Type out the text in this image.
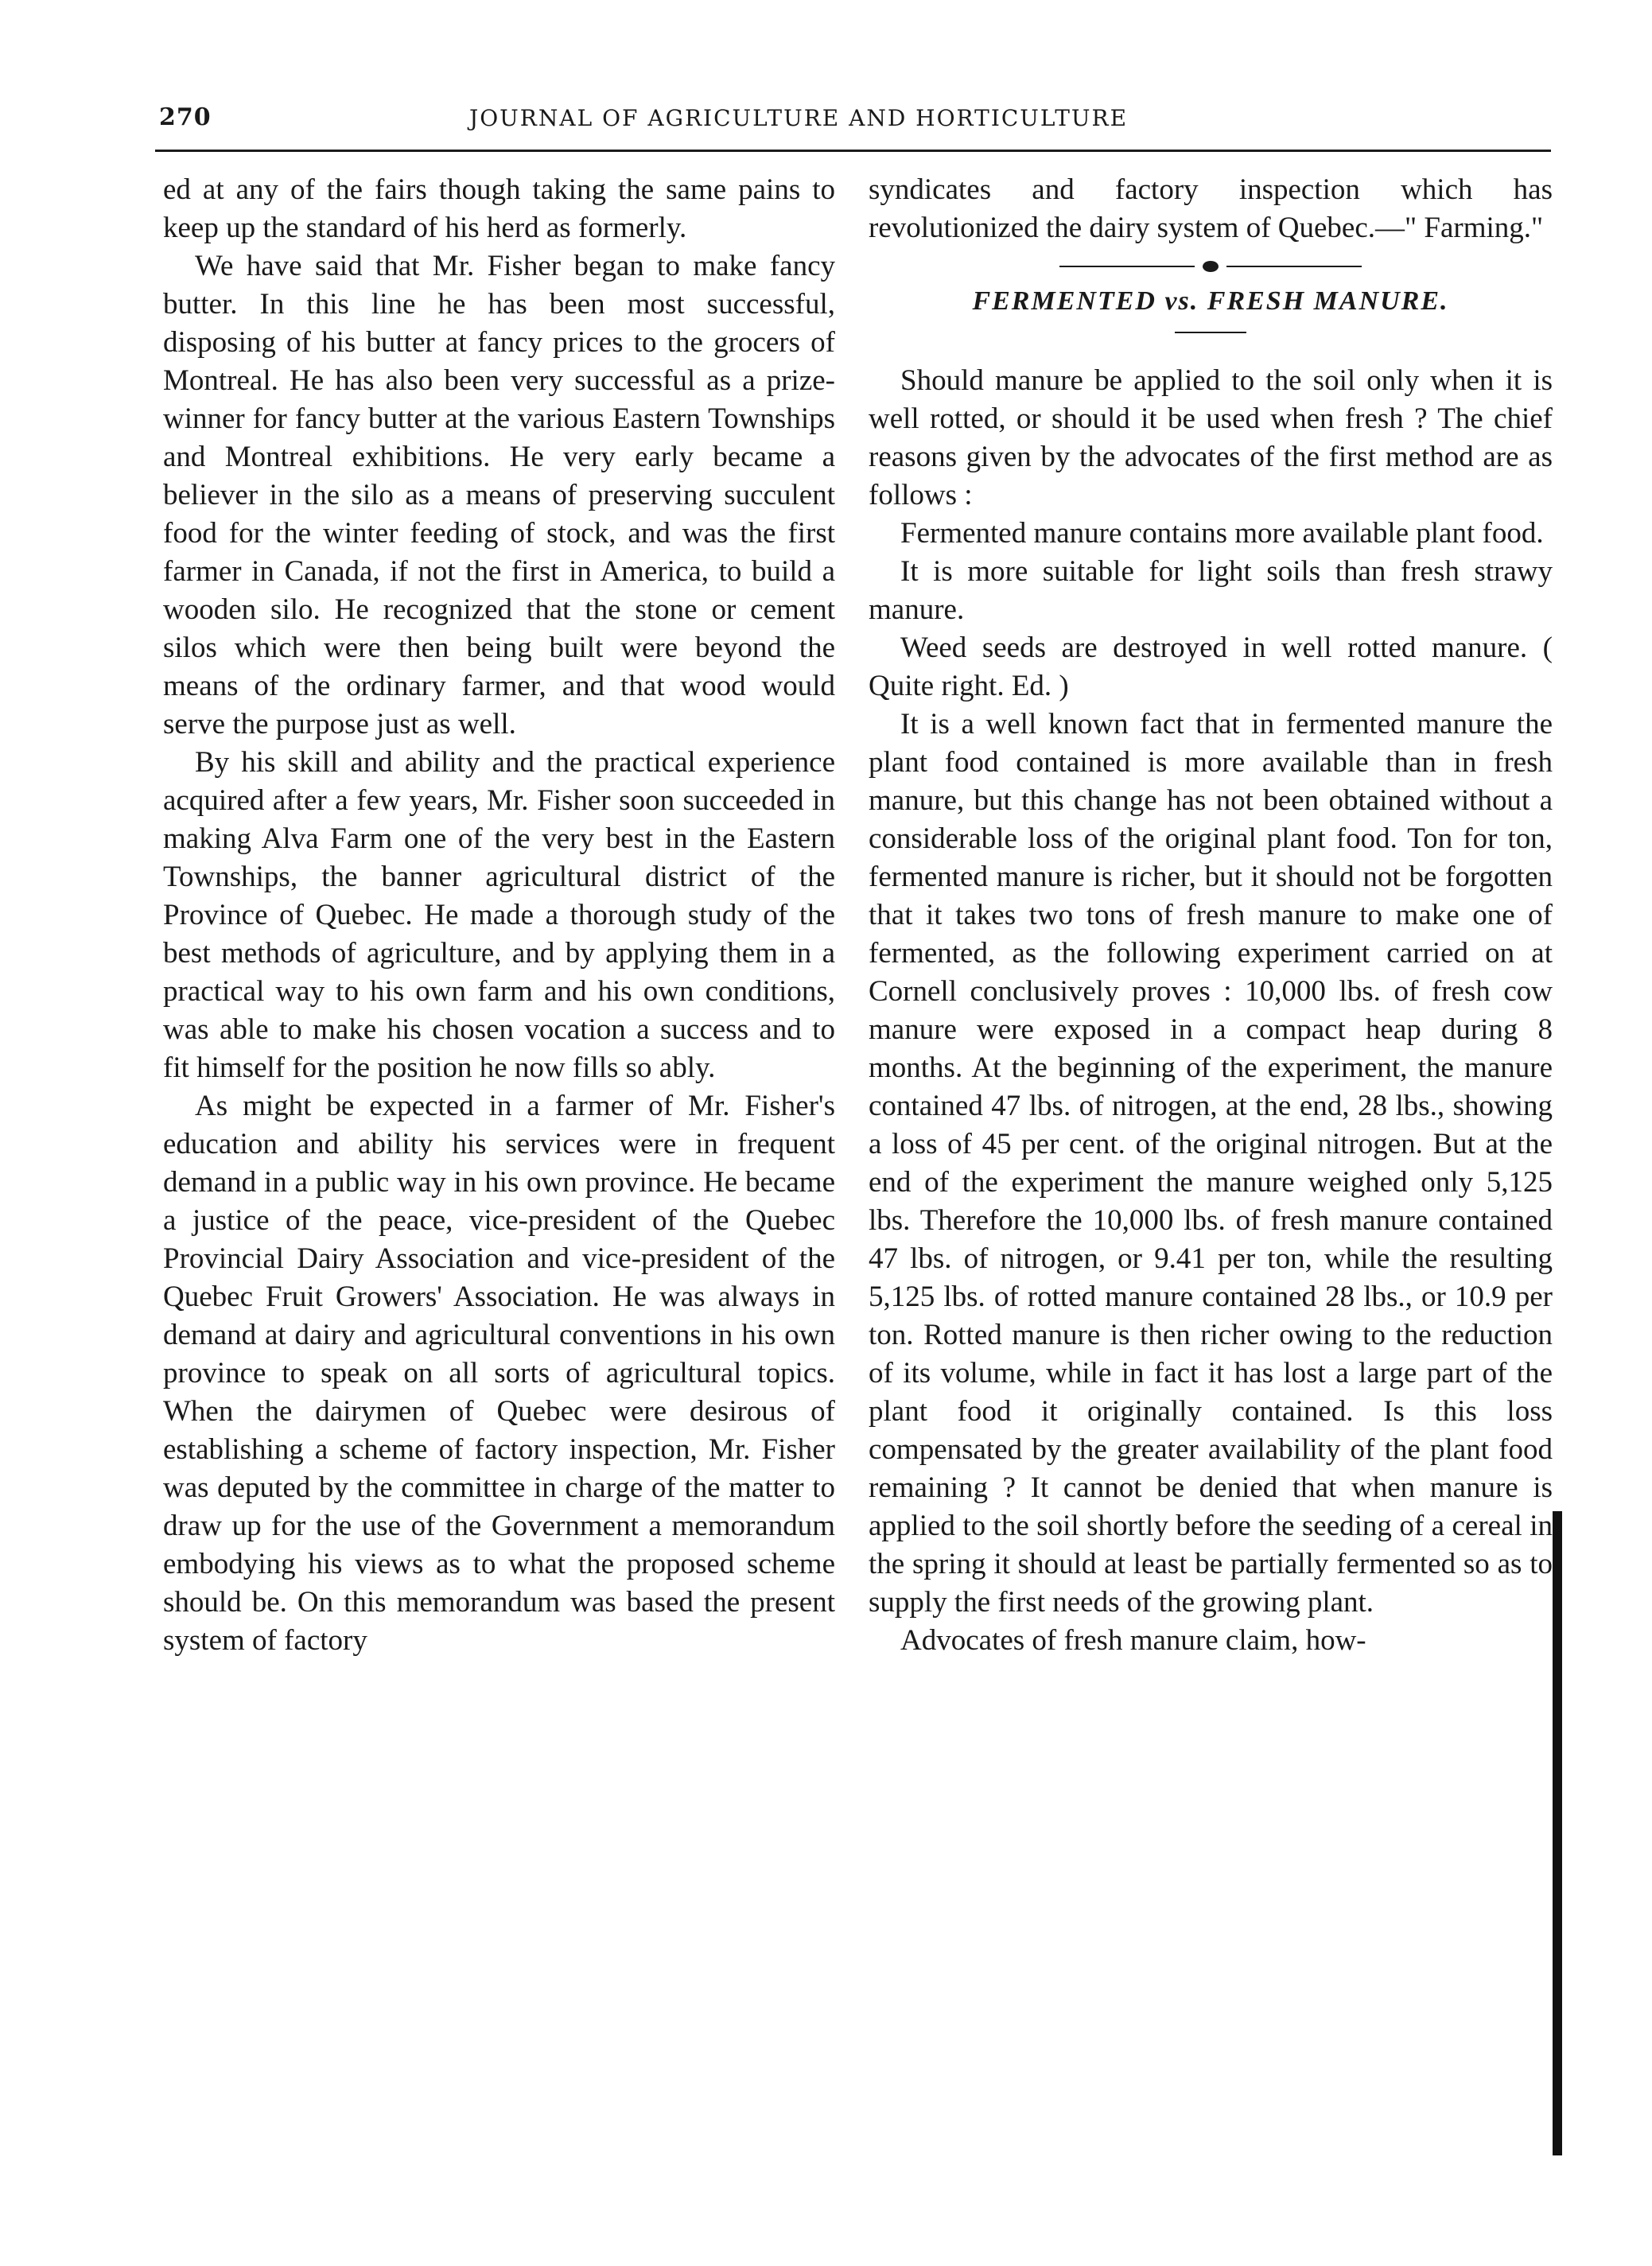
270	JOURNAL OF AGRICULTURE AND HORTICULTURE

ed at any of the fairs though taking the same pains to keep up the standard of his herd as formerly.

We have said that Mr. Fisher began to make fancy butter. In this line he has been most successful, disposing of his butter at fancy prices to the grocers of Montreal. He has also been very successful as a prize-winner for fancy butter at the various Eastern Townships and Montreal exhibitions. He very early became a believer in the silo as a means of preserving succulent food for the winter feeding of stock, and was the first farmer in Canada, if not the first in America, to build a wooden silo. He recognized that the stone or cement silos which were then being built were beyond the means of the ordinary farmer, and that wood would serve the purpose just as well.

By his skill and ability and the practical experience acquired after a few years, Mr. Fisher soon succeeded in making Alva Farm one of the very best in the Eastern Townships, the banner agricultural district of the Province of Quebec. He made a thorough study of the best methods of agriculture, and by applying them in a practical way to his own farm and his own conditions, was able to make his chosen vocation a success and to fit himself for the position he now fills so ably.

As might be expected in a farmer of Mr. Fisher's education and ability his services were in frequent demand in a public way in his own province. He became a justice of the peace, vice-president of the Quebec Provincial Dairy Association and vice-president of the Quebec Fruit Growers' Association. He was always in demand at dairy and agricultural conventions in his own province to speak on all sorts of agricultural topics. When the dairymen of Quebec were desirous of establishing a scheme of factory inspection, Mr. Fisher was deputed by the committee in charge of the matter to draw up for the use of the Government a memorandum embodying his views as to what the proposed scheme should be. On this memorandum was based the present system of factory

syndicates and factory inspection which has revolutionized the dairy system of Quebec.—" Farming."

FERMENTED vs. FRESH MANURE.

Should manure be applied to the soil only when it is well rotted, or should it be used when fresh ? The chief reasons given by the advocates of the first method are as follows :

Fermented manure contains more available plant food.

It is more suitable for light soils than fresh strawy manure.

Weed seeds are destroyed in well rotted manure. ( Quite right. Ed. )

It is a well known fact that in fermented manure the plant food contained is more available than in fresh manure, but this change has not been obtained without a considerable loss of the original plant food. Ton for ton, fermented manure is richer, but it should not be forgotten that it takes two tons of fresh manure to make one of fermented, as the following experiment carried on at Cornell conclusively proves : 10,000 lbs. of fresh cow manure were exposed in a compact heap during 8 months. At the beginning of the experiment, the manure contained 47 lbs. of nitrogen, at the end, 28 lbs., showing a loss of 45 per cent. of the original nitrogen. But at the end of the experiment the manure weighed only 5,125 lbs. Therefore the 10,000 lbs. of fresh manure contained 47 lbs. of nitrogen, or 9.41 per ton, while the resulting 5,125 lbs. of rotted manure contained 28 lbs., or 10.9 per ton. Rotted manure is then richer owing to the reduction of its volume, while in fact it has lost a large part of the plant food it originally contained. Is this loss compensated by the greater availability of the plant food remaining ? It cannot be denied that when manure is applied to the soil shortly before the seeding of a cereal in the spring it should at least be partially fermented so as to supply the first needs of the growing plant.

Advocates of fresh manure claim, how-
